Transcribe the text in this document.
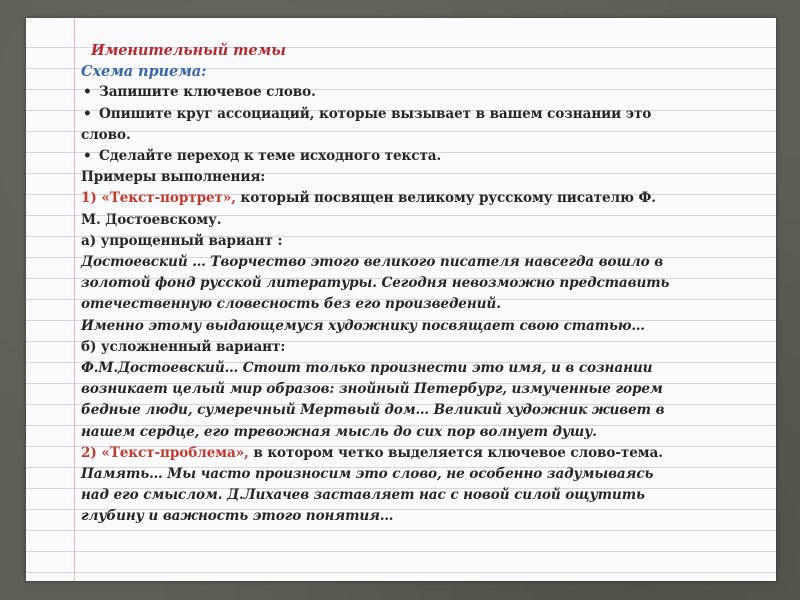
Именительный темы
Схема приема:
• Запишите ключевое слово.
• Опишите круг ассоциаций, которые вызывает в вашем сознании это
слово.
• Сделайте переход к теме исходного текста.
Примеры выполнения:
1) «Текст-портрет», который посвящен великому русскому писателю Ф.
М. Достоевскому.
а) упрощенный вариант :
Достоевский … Творчество этого великого писателя навсегда вошло в
золотой фонд русской литературы. Сегодня невозможно представить
отечественную словесность без его произведений.
Именно этому выдающемуся художнику посвящает свою статью…
б) усложненный вариант:
Ф.М.Достоевский… Стоит только произнести это имя, и в сознании
возникает целый мир образов: знойный Петербург, измученные горем
бедные люди, сумеречный Мертвый дом… Великий художник живет в
нашем сердце, его тревожная мысль до сих пор волнует душу.
2) «Текст-проблема», в котором четко выделяется ключевое слово-тема.
Память… Мы часто произносим это слово, не особенно задумываясь
над его смыслом. Д.Лихачев заставляет нас с новой силой ощутить
глубину и важность этого понятия…
